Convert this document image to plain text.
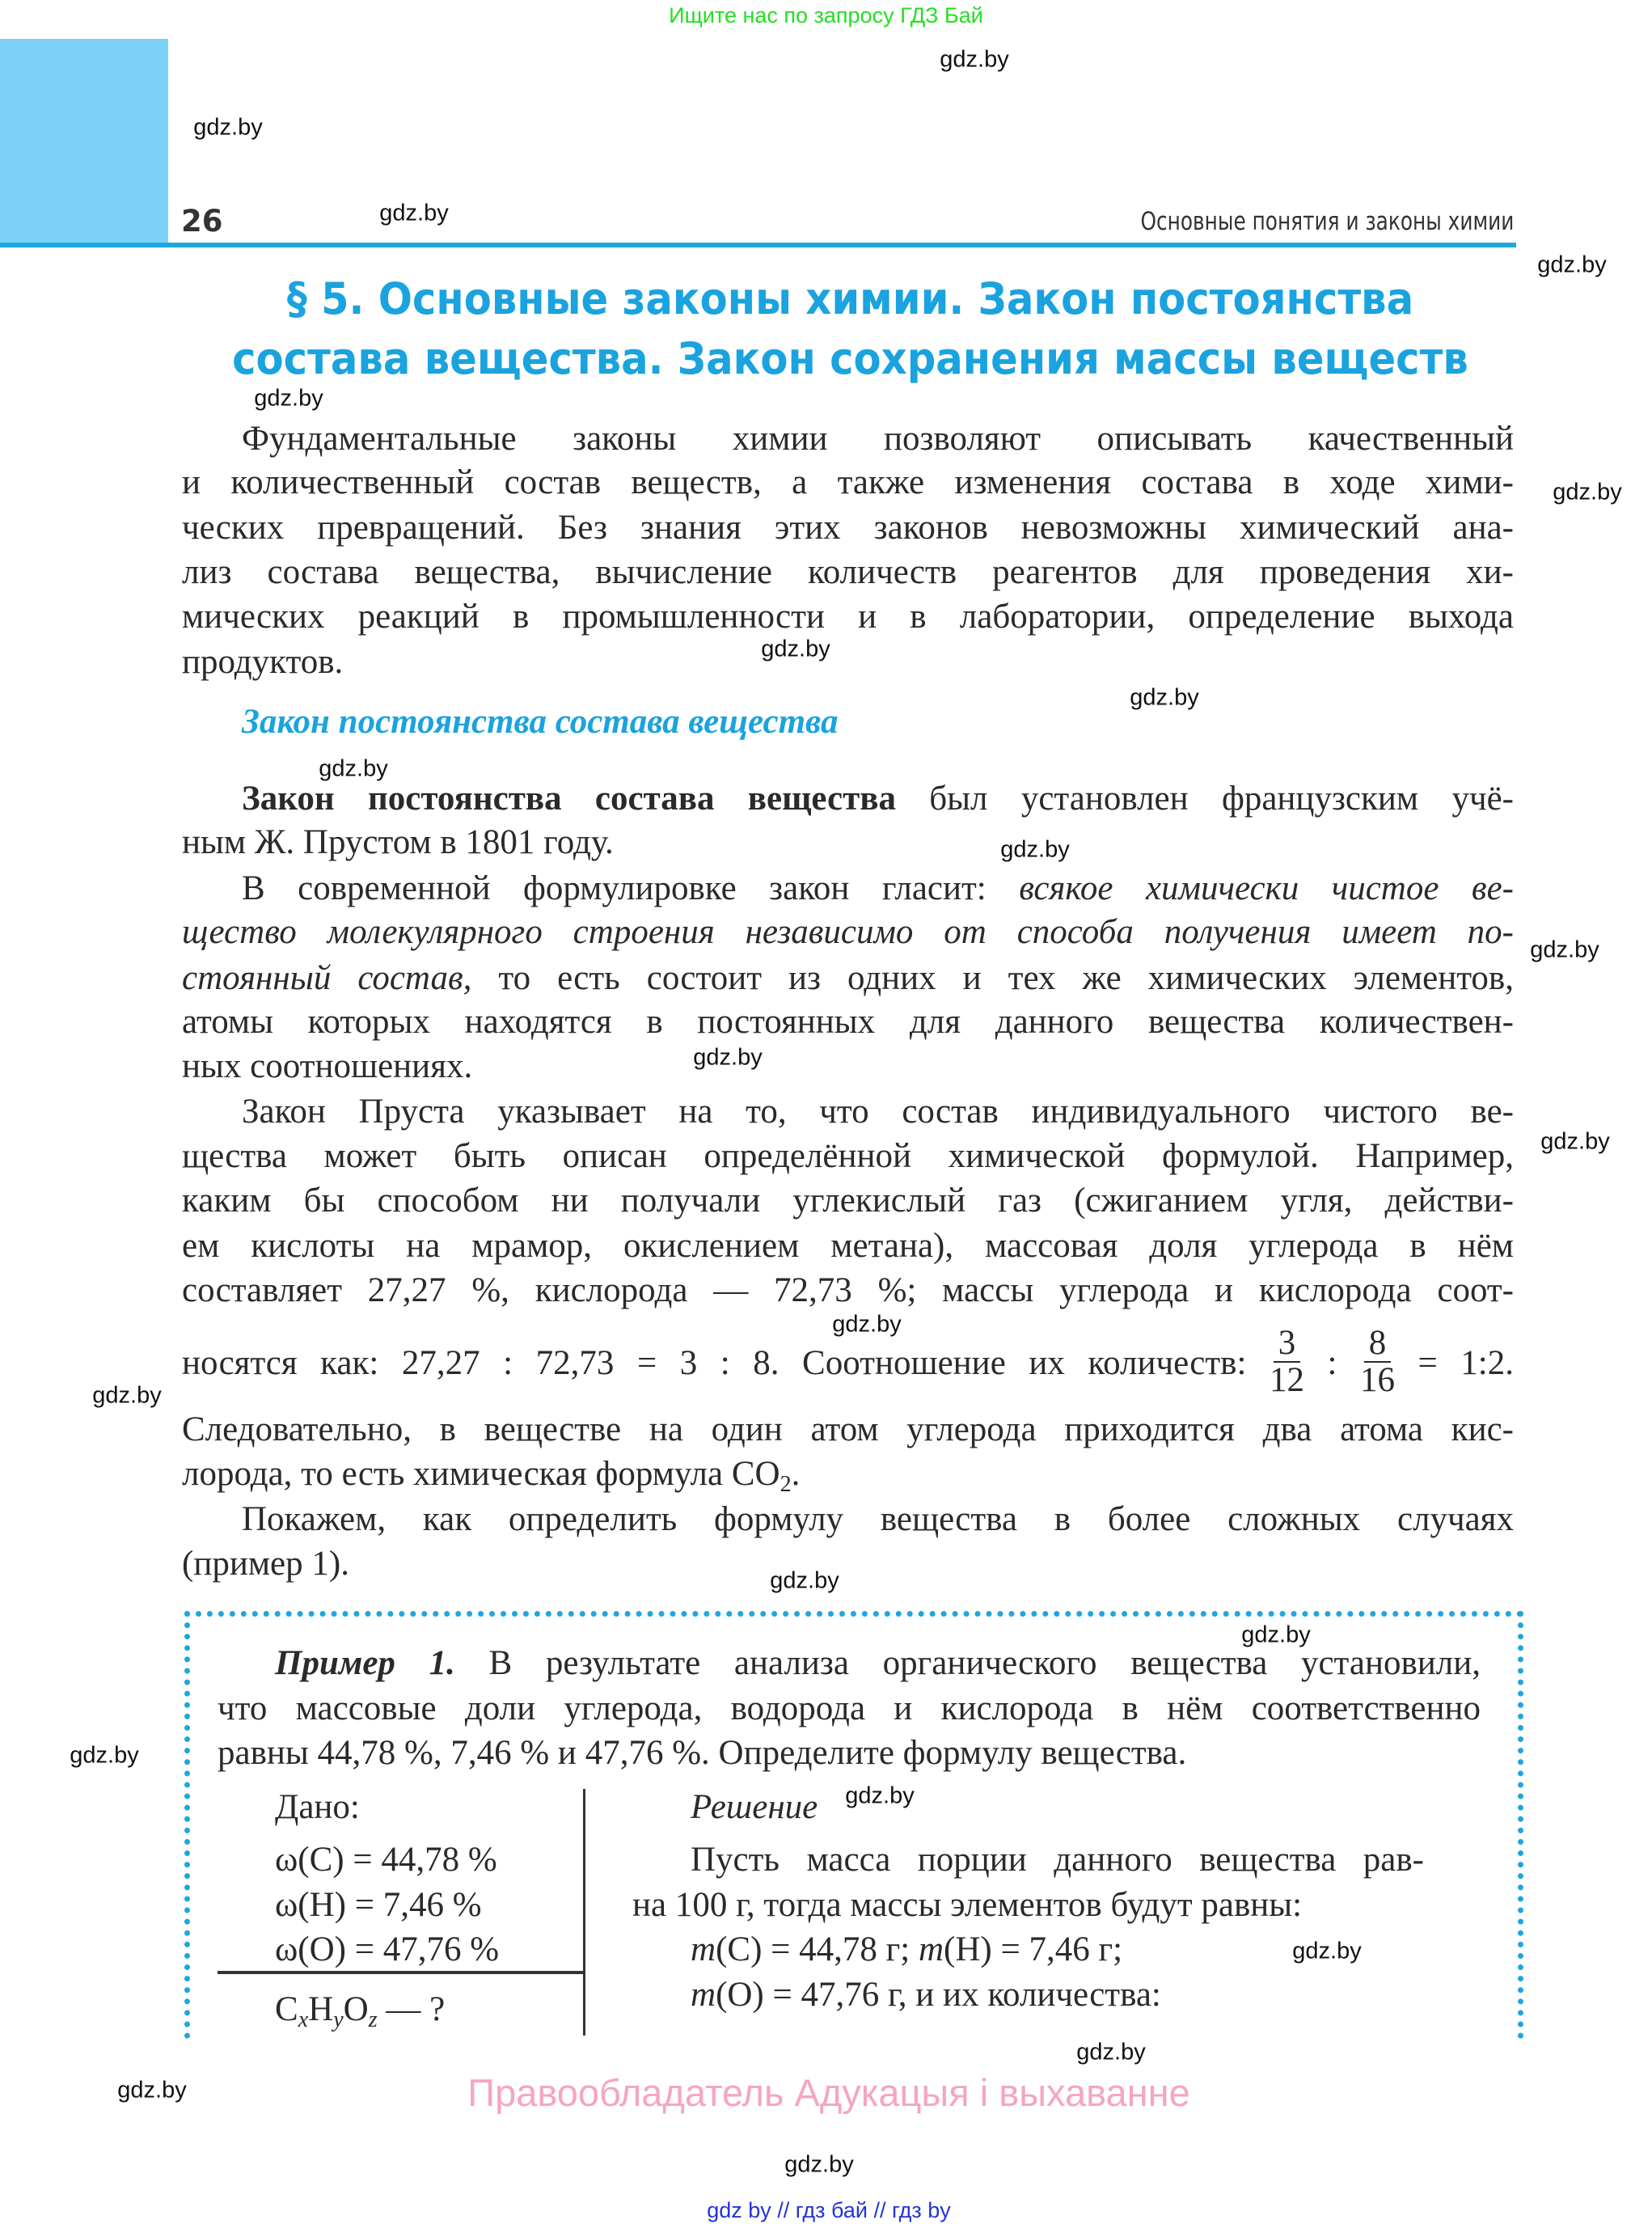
Ищите нас по запросу ГДЗ Бай
26	Основные понятия и законы химии
§ 5. Основные законы химии. Закон постоянства
состава вещества. Закон сохранения массы веществ
Закон постоянства состава вещества
Фундаментальные законы химии позволяют описывать качественный
и количественный состав веществ, а также изменения состава в ходе хими-
ческих превращений. Без знания этих законов невозможны химический ана-
лиз состава вещества, вычисление количеств реагентов для проведения хи-
мических реакций в промышленности и в лаборатории, определение выхода
продуктов.
Закон постоянства состава вещества был установлен французским учё-
ным Ж. Прустом в 1801 году.
В современной формулировке закон гласит: всякое химически чистое ве-
щество молекулярного строения независимо от способа получения имеет по-
стоянный состав, то есть состоит из одних и тех же химических элементов,
атомы которых находятся в постоянных для данного вещества количествен-
ных соотношениях.
Закон Пруста указывает на то, что состав индивидуального чистого ве-
щества может быть описан определённой химической формулой. Например,
каким бы способом ни получали углекислый газ (сжиганием угля, действи-
ем кислоты на мрамор, окислением метана), массовая доля углерода в нём
составляет 27,27 %, кислорода — 72,73 %; массы углерода и кислорода соот-
носятся как: 27,27 : 72,73 = 3 : 8. Соотношение их количеств: $\frac{3}{12}$ : $\frac{8}{16}$ = 1:2.
Следовательно, в веществе на один атом углерода приходится два атома кис-
лорода, то есть химическая формула $CO_2$.
Покажем, как определить формулу вещества в более сложных случаях
(пример 1).
Пример 1. В результате анализа органического вещества установили,
что массовые доли углерода, водорода и кислорода в нём соответственно
равны 44,78 %, 7,46 % и 47,76 %. Определите формулу вещества.
Дано:
ω(C) = 44,78 %
ω(H) = 7,46 %
ω(O) = 47,76 %
CxHyOz — ?
Решение
Пусть масса порции данного вещества рав-
на 100 г, тогда массы элементов будут равны:
m(C) = 44,78 г; m(H) = 7,46 г;
m(O) = 47,76 г, и их количества:
Правообладатель Адукацыя і выхаванне
gdz by // гдз бай // гдз by
gdz.by
gdz.by
gdz.by
gdz.by
gdz.by
gdz.by
gdz.by
gdz.by
gdz.by
gdz.by
gdz.by
gdz.by
gdz.by
gdz.by
gdz.by
gdz.by
gdz.by
gdz.by
gdz.by
gdz.by
gdz.by
gdz.by
gdz.by
